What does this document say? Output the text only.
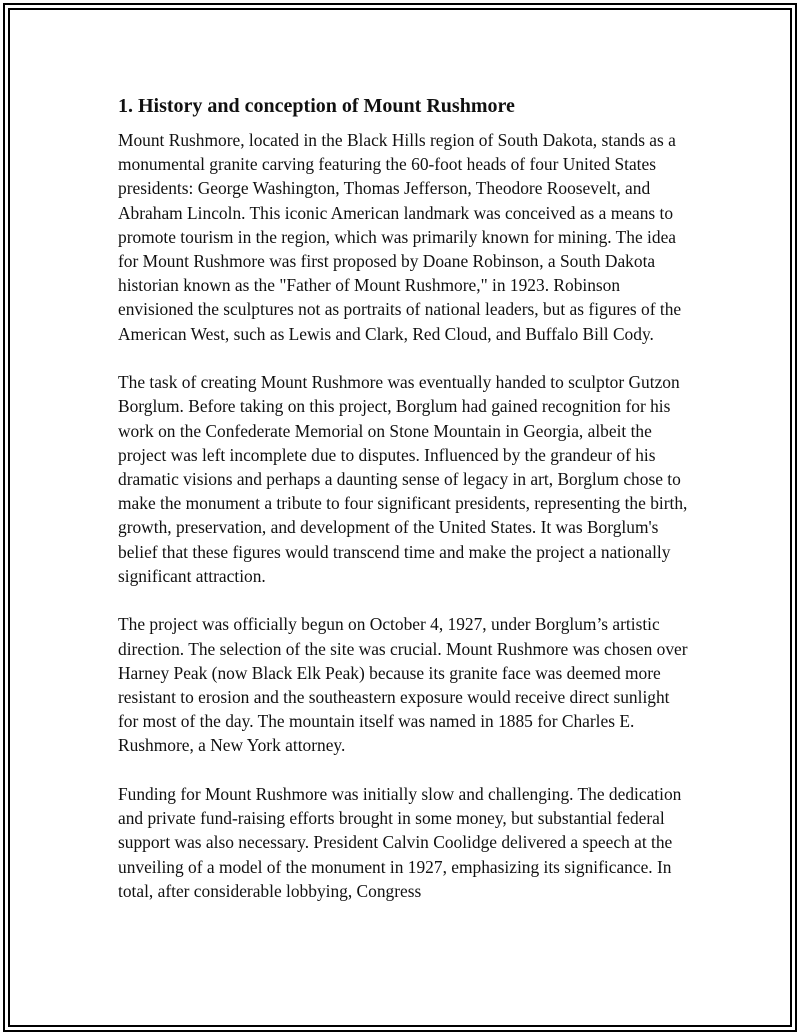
1. History and conception of Mount Rushmore

Mount Rushmore, located in the Black Hills region of South Dakota, stands as a monumental granite carving featuring the 60-foot heads of four United States presidents: George Washington, Thomas Jefferson, Theodore Roosevelt, and Abraham Lincoln. This iconic American landmark was conceived as a means to promote tourism in the region, which was primarily known for mining. The idea for Mount Rushmore was first proposed by Doane Robinson, a South Dakota historian known as the "Father of Mount Rushmore," in 1923. Robinson envisioned the sculptures not as portraits of national leaders, but as figures of the American West, such as Lewis and Clark, Red Cloud, and Buffalo Bill Cody.

The task of creating Mount Rushmore was eventually handed to sculptor Gutzon Borglum. Before taking on this project, Borglum had gained recognition for his work on the Confederate Memorial on Stone Mountain in Georgia, albeit the project was left incomplete due to disputes. Influenced by the grandeur of his dramatic visions and perhaps a daunting sense of legacy in art, Borglum chose to make the monument a tribute to four significant presidents, representing the birth, growth, preservation, and development of the United States. It was Borglum's belief that these figures would transcend time and make the project a nationally significant attraction.

The project was officially begun on October 4, 1927, under Borglum’s artistic direction. The selection of the site was crucial. Mount Rushmore was chosen over Harney Peak (now Black Elk Peak) because its granite face was deemed more resistant to erosion and the southeastern exposure would receive direct sunlight for most of the day. The mountain itself was named in 1885 for Charles E. Rushmore, a New York attorney.

Funding for Mount Rushmore was initially slow and challenging. The dedication and private fund-raising efforts brought in some money, but substantial federal support was also necessary. President Calvin Coolidge delivered a speech at the unveiling of a model of the monument in 1927, emphasizing its significance. In total, after considerable lobbying, Congress
